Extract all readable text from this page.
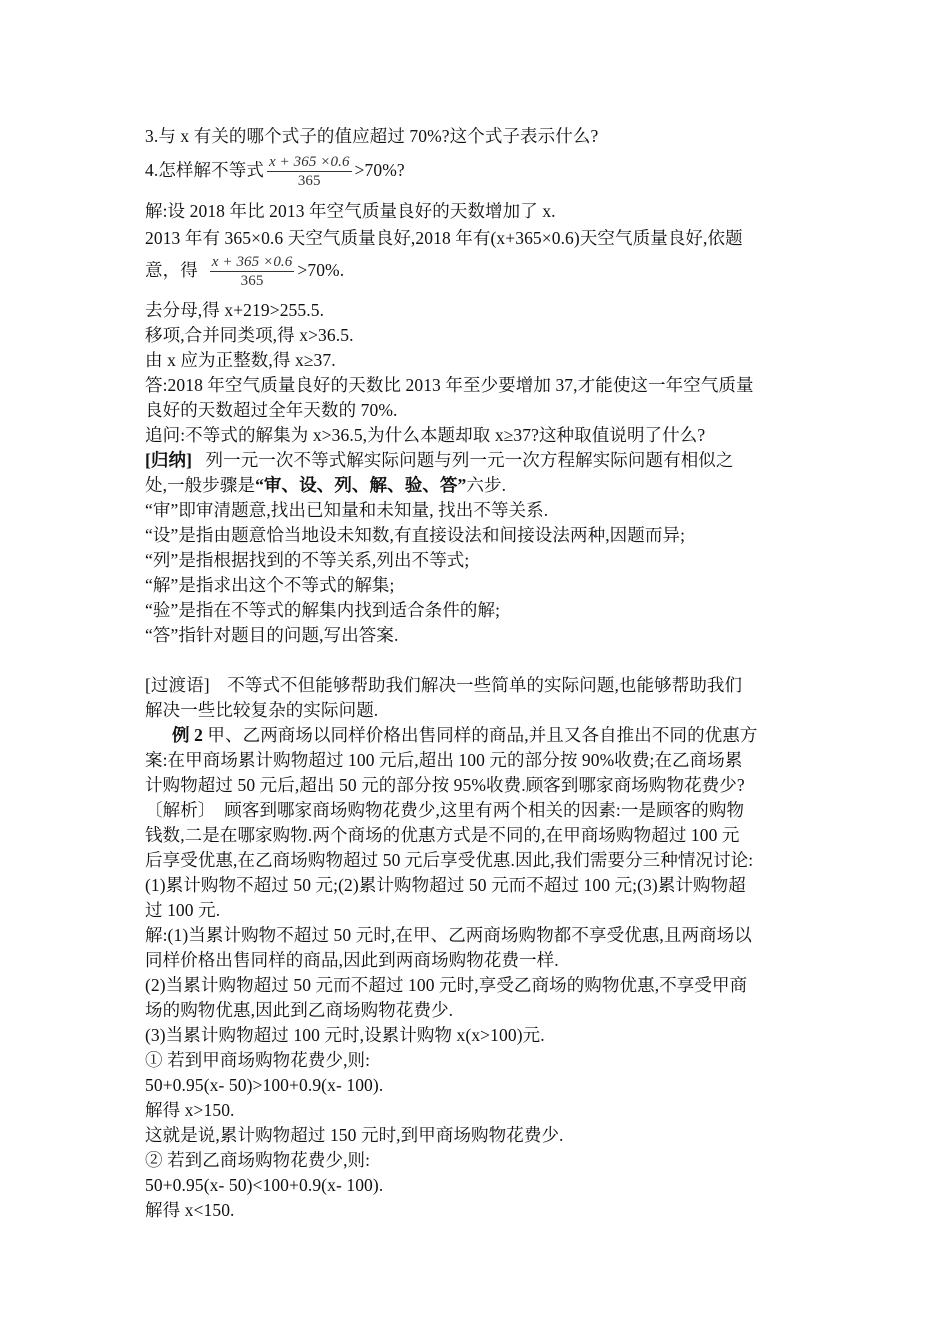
3.与 x 有关的哪个式子的值应超过 70%?这个式子表示什么?
4.怎样解不等式 $\frac{x + 365 \times 0.6}{365} >70\%$?
解:设 2018 年比 2013 年空气质量良好的天数增加了 x.
2013 年有 365×0.6 天空气质量良好,2018 年有(x+365×0.6)天空气质量良好,依题
意，得 $\frac{x + 365 \times 0.6}{365} >70\%$.
去分母,得 x+219>255.5.
移项,合并同类项,得 x>36.5.
由 x 应为正整数,得 x≥37.
答:2018 年空气质量良好的天数比 2013 年至少要增加 37,才能使这一年空气质量
良好的天数超过全年天数的 70%.
追问:不等式的解集为 x>36.5,为什么本题却取 x≥37?这种取值说明了什么?
[归纳] 列一元一次不等式解实际问题与列一元一次方程解实际问题有相似之
处,一般步骤是“审、设、列、解、验、答”六步.
“审”即审清题意,找出已知量和未知量, 找出不等关系.
“设”是指由题意恰当地设未知数,有直接设法和间接设法两种,因题而异;
“列”是指根据找到的不等关系,列出不等式;
“解”是指求出这个不等式的解集;
“验”是指在不等式的解集内找到适合条件的解;
“答”指针对题目的问题,写出答案.
[过渡语]　不等式不但能够帮助我们解决一些简单的实际问题,也能够帮助我们
解决一些比较复杂的实际问题.
例 2 甲、乙两商场以同样价格出售同样的商品,并且又各自推出不同的优惠方
案:在甲商场累计购物超过 100 元后,超出 100 元的部分按 90%收费;在乙商场累
计购物超过 50 元后,超出 50 元的部分按 95%收费.顾客到哪家商场购物花费少?
〔解析〕　顾客到哪家商场购物花费少,这里有两个相关的因素:一是顾客的购物
钱数,二是在哪家购物.两个商场的优惠方式是不同的,在甲商场购物超过 100 元
后享受优惠,在乙商场购物超过 50 元后享受优惠.因此,我们需要分三种情况讨论:
(1)累计购物不超过 50 元;(2)累计购物超过 50 元而不超过 100 元;(3)累计购物超
过 100 元.
解:(1)当累计购物不超过 50 元时,在甲、乙两商场购物都不享受优惠,且两商场以
同样价格出售同样的商品,因此到两商场购物花费一样.
(2)当累计购物超过 50 元而不超过 100 元时,享受乙商场的购物优惠,不享受甲商
场的购物优惠,因此到乙商场购物花费少.
(3)当累计购物超过 100 元时,设累计购物 x(x>100)元.
① 若到甲商场购物花费少,则:
50+0.95(x- 50)>100+0.9(x- 100).
解得 x>150.
这就是说,累计购物超过 150 元时,到甲商场购物花费少.
② 若到乙商场购物花费少,则:
50+0.95(x- 50)<100+0.9(x- 100).
解得 x<150.
